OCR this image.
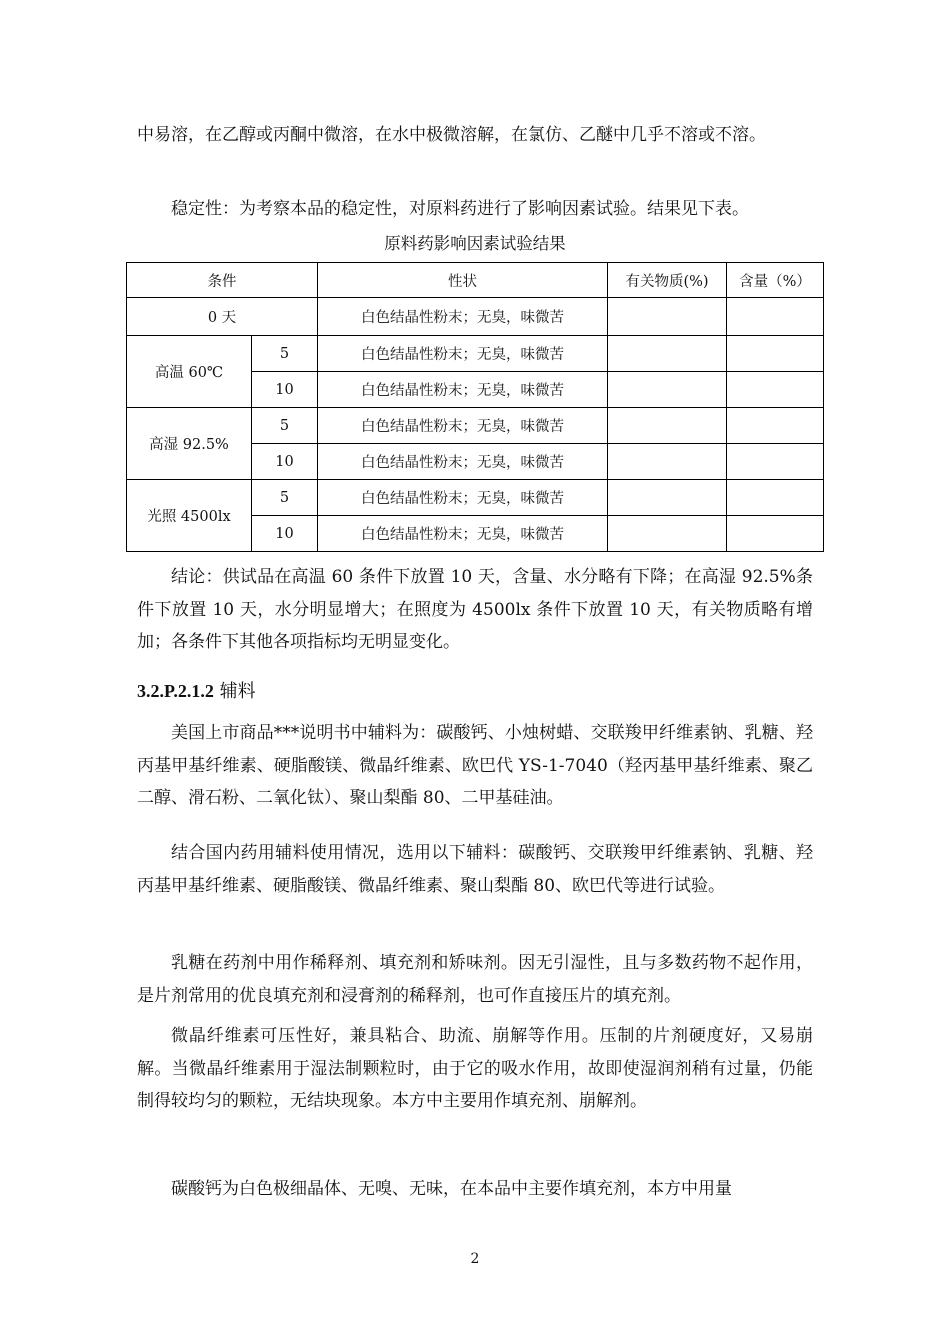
中易溶，在乙醇或丙酮中微溶，在水中极微溶解，在氯仿、乙醚中几乎不溶或不溶。

稳定性：为考察本品的稳定性，对原料药进行了影响因素试验。结果见下表。

原料药影响因素试验结果
条件		性状	有关物质(%)	含量（%）
0 天		白色结晶性粉末；无臭，味微苦		
高温 60℃	5	白色结晶性粉末；无臭，味微苦		
	10	白色结晶性粉末；无臭，味微苦		
高湿 92.5%	5	白色结晶性粉末；无臭，味微苦		
	10	白色结晶性粉末；无臭，味微苦		
光照 4500lx	5	白色结晶性粉末；无臭，味微苦		
	10	白色结晶性粉末；无臭，味微苦		

结论：供试品在高温 60 条件下放置 10 天，含量、水分略有下降；在高湿 92.5%条件下放置 10 天，水分明显增大；在照度为 4500lx 条件下放置 10 天，有关物质略有增加；各条件下其他各项指标均无明显变化。

3.2.P.2.1.2 辅料

美国上市商品***说明书中辅料为：碳酸钙、小烛树蜡、交联羧甲纤维素钠、乳糖、羟丙基甲基纤维素、硬脂酸镁、微晶纤维素、欧巴代 YS-1-7040（羟丙基甲基纤维素、聚乙二醇、滑石粉、二氧化钛）、聚山梨酯 80、二甲基硅油。

结合国内药用辅料使用情况，选用以下辅料：碳酸钙、交联羧甲纤维素钠、乳糖、羟丙基甲基纤维素、硬脂酸镁、微晶纤维素、聚山梨酯 80、欧巴代等进行试验。

乳糖在药剂中用作稀释剂、填充剂和矫味剂。因无引湿性，且与多数药物不起作用，是片剂常用的优良填充剂和浸膏剂的稀释剂，也可作直接压片的填充剂。

微晶纤维素可压性好，兼具粘合、助流、崩解等作用。压制的片剂硬度好，又易崩解。当微晶纤维素用于湿法制颗粒时，由于它的吸水作用，故即使湿润剂稍有过量，仍能制得较均匀的颗粒，无结块现象。本方中主要用作填充剂、崩解剂。

碳酸钙为白色极细晶体、无嗅、无味，在本品中主要作填充剂，本方中用量

2
